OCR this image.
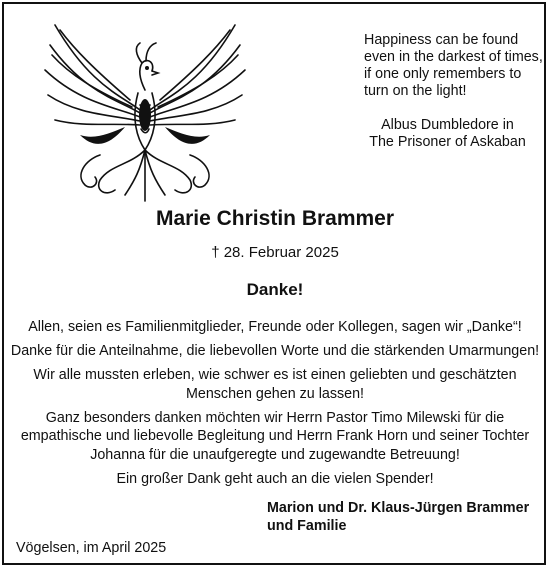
Happiness can be found
even in the darkest of times,
if one only remembers to
turn on the light!
Albus Dumbledore in
The Prisoner of Askaban
Marie Christin Brammer
† 28. Februar 2025
Danke!

Allen, seien es Familienmitglieder, Freunde oder Kollegen, sagen wir „Danke“!

Danke für die Anteilnahme, die liebevollen Worte und die stärkenden Umarmungen!

Wir alle mussten erleben, wie schwer es ist einen geliebten und geschätzten
Menschen gehen zu lassen!

Ganz besonders danken möchten wir Herrn Pastor Timo Milewski für die
empathische und liebevolle Begleitung und Herrn Frank Horn und seiner Tochter
Johanna für die unaufgeregte und zugewandte Betreuung!

Ein großer Dank geht auch an die vielen Spender!

Marion und Dr. Klaus-Jürgen Brammer
und Familie
Vögelsen, im April 2025
